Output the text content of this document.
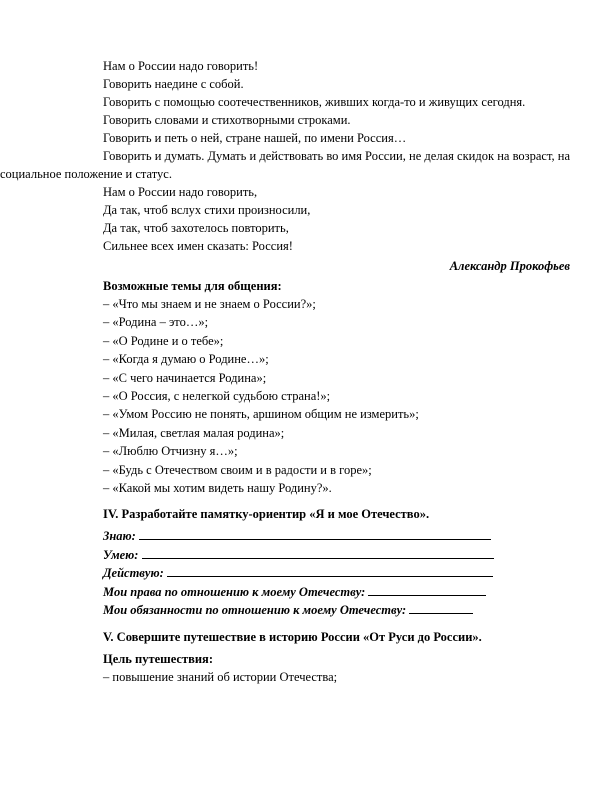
Нам о России надо говорить!

Говорить наедине с собой.

Говорить с помощью соотечественников, живших когда-то и живущих сегодня.

Говорить словами и стихотворными строками.

Говорить и петь о ней, стране нашей, по имени Россия…

Говорить и думать. Думать и действовать во имя России, не делая скидок на возраст, на социальное положение и статус.

Нам о России надо говорить,

Да так, чтоб вслух стихи произносили,

Да так, чтоб захотелось повторить,

Сильнее всех имен сказать: Россия!

Александр Прокофьев

Возможные темы для общения:

– «Что мы знаем и не знаем о России?»;

– «Родина – это…»;

– «О Родине и о тебе»;

– «Когда я думаю о Родине…»;

– «С чего начинается Родина»;

– «О Россия, с нелегкой судьбою страна!»;

– «Умом Россию не понять, аршином общим не измерить»;

– «Милая, светлая малая родина»;

– «Люблю Отчизну я…»;

– «Будь с Отечеством своим и в радости и в горе»;

– «Какой мы хотим видеть нашу Родину?».

IV. Разработайте памятку-ориентир «Я и мое Отечество».

Знаю:

Умею:

Действую:

Мои права по отношению к моему Отечеству:

Мои обязанности по отношению к моему Отечеству:

V. Совершите путешествие в историю России «От Руси до России».

Цель путешествия:

– повышение знаний об истории Отечества;
